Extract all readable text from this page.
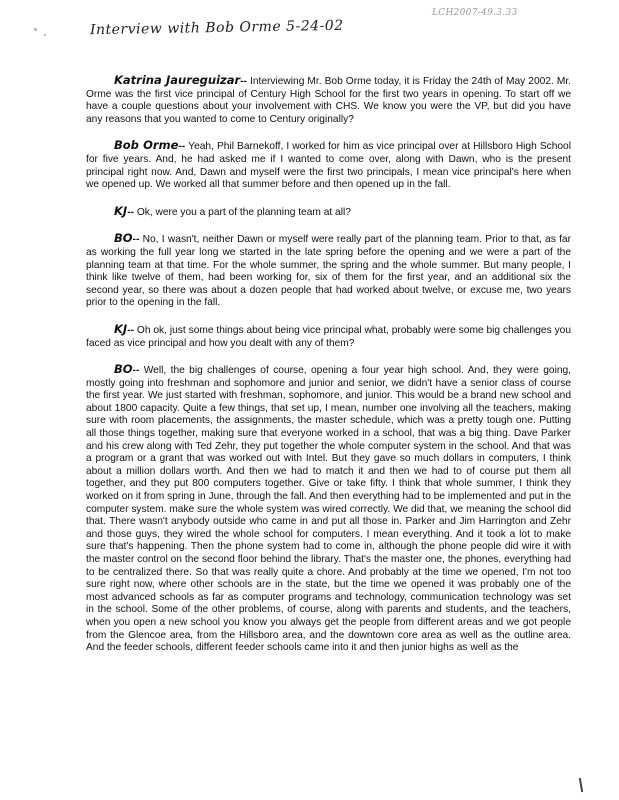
Interview with Bob Orme 5-24-02
LCH2007-49.3.33

Katrina Jaureguizar-- Interviewing Mr. Bob Orme today, it is Friday the 24th of May 2002. Mr. Orme was the first vice principal of Century High School for the first two years in opening. To start off we have a couple questions about your involvement with CHS. We know you were the VP, but did you have any reasons that you wanted to come to Century originally?

Bob Orme-- Yeah, Phil Barnekoff, I worked for him as vice principal over at Hillsboro High School for five years. And, he had asked me if I wanted to come over, along with Dawn, who is the present principal right now. And, Dawn and myself were the first two principals, I mean vice principal's here when we opened up. We worked all that summer before and then opened up in the fall.

KJ-- Ok, were you a part of the planning team at all?

BO-- No, I wasn't, neither Dawn or myself were really part of the planning team. Prior to that, as far as working the full year long we started in the late spring before the opening and we were a part of the planning team at that time. For the whole summer, the spring and the whole summer. But many people, I think like twelve of them, had been working for, six of them for the first year, and an additional six the second year, so there was about a dozen people that had worked about twelve, or excuse me, two years prior to the opening in the fall.

KJ-- Oh ok, just some things about being vice principal what, probably were some big challenges you faced as vice principal and how you dealt with any of them?

BO-- Well, the big challenges of course, opening a four year high school. And, they were going, mostly going into freshman and sophomore and junior and senior, we didn't have a senior class of course the first year. We just started with freshman, sophomore, and junior. This would be a brand new school and about 1800 capacity. Quite a few things, that set up, I mean, number one involving all the teachers, making sure with room placements, the assignments, the master schedule, which was a pretty tough one. Putting all those things together, making sure that everyone worked in a school, that was a big thing. Dave Parker and his crew along with Ted Zehr, they put together the whole computer system in the school. And that was a program or a grant that was worked out with Intel. But they gave so much dollars in computers, I think about a million dollars worth. And then we had to match it and then we had to of course put them all together, and they put 800 computers together. Give or take fifty. I think that whole summer, I think they worked on it from spring in June, through the fall. And then everything had to be implemented and put in the computer system. make sure the whole system was wired correctly. We did that, we meaning the school did that. There wasn't anybody outside who came in and put all those in. Parker and Jim Harrington and Zehr and those guys, they wired the whole school for computers. I mean everything. And it took a lot to make sure that's happening. Then the phone system had to come in, although the phone people did wire it with the master control on the second floor behind the library. That's the master one, the phones, everything had to be centralized there. So that was really quite a chore. And probably at the time we opened, I'm not too sure right now, where other schools are in the state, but the time we opened it was probably one of the most advanced schools as far as computer programs and technology, communication technology was set in the school. Some of the other problems, of course, along with parents and students, and the teachers, when you open a new school you know you always get the people from different areas and we got people from the Glencoe area, from the Hillsboro area, and the downtown core area as well as the outline area. And the feeder schools, different feeder schools came into it and then junior highs as well as the
